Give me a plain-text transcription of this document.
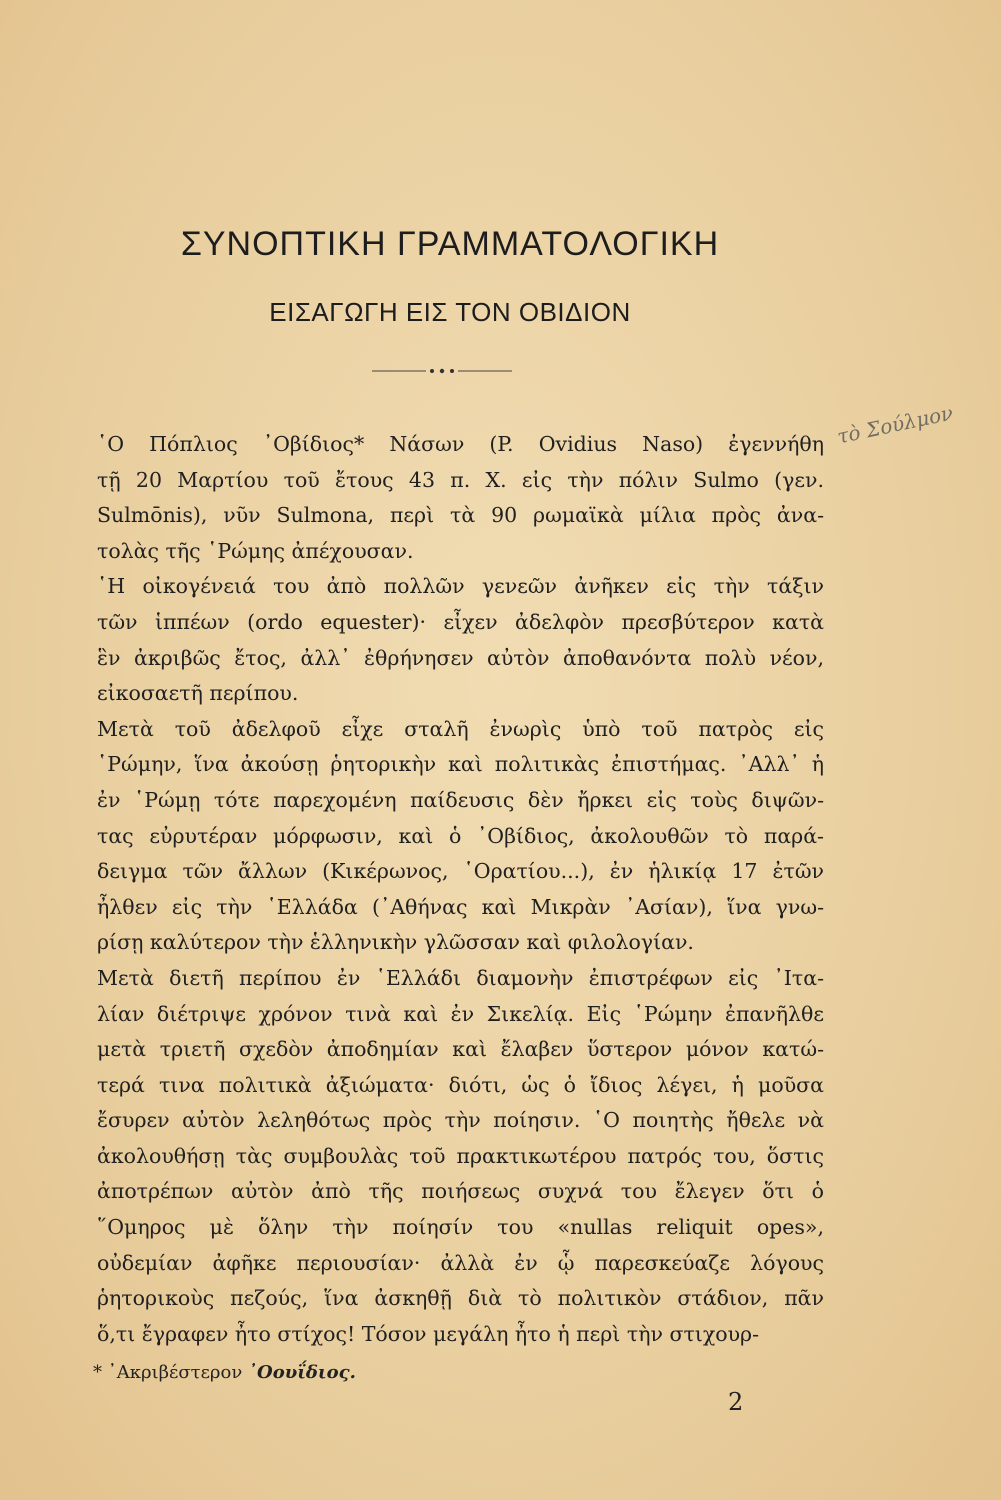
ΣΥΝΟΠΤΙΚΗ ΓΡΑΜΜΑΤΟΛΟΓΙΚΗ
ΕΙΣΑΓΩΓΗ ΕΙΣ ΤΟΝ ΟΒΙΔΙΟΝ
῾Ο Πόπλιος ᾿Οβίδιος* Νάσων (P. Ovidius Naso) ἐγεννήθη
τῇ 20 Μαρτίου τοῦ ἔτους 43 π. Χ. εἰς τὴν πόλιν Sulmo (γεν.
Sulmōnis), νῦν Sulmona, περὶ τὰ 90 ρωμαϊκὰ μίλια πρὸς ἀνα-
τολὰς τῆς ῾Ρώμης ἀπέχουσαν.
῾Η οἰκογένειά του ἀπὸ πολλῶν γενεῶν ἀνῆκεν εἰς τὴν τάξιν
τῶν ἱππέων (ordo equester)· εἶχεν ἀδελφὸν πρεσβύτερον κατὰ
ἓν ἀκριβῶς ἔτος, ἀλλ᾿ ἐθρήνησεν αὐτὸν ἀποθανόντα πολὺ νέον,
εἰκοσαετῆ περίπου.
Μετὰ τοῦ ἀδελφοῦ εἶχε σταλῆ ἐνωρὶς ὑπὸ τοῦ πατρὸς εἰς
῾Ρώμην, ἵνα ἀκούσῃ ῥητορικὴν καὶ πολιτικὰς ἐπιστήμας. ᾿Αλλ᾿ ἡ
ἐν ῾Ρώμῃ τότε παρεχομένη παίδευσις δὲν ἤρκει εἰς τοὺς διψῶν-
τας εὐρυτέραν μόρφωσιν, καὶ ὁ ᾿Οβίδιος, ἀκολουθῶν τὸ παρά-
δειγμα τῶν ἄλλων (Κικέρωνος, ῾Ορατίου...), ἐν ἡλικίᾳ 17 ἐτῶν
ἦλθεν εἰς τὴν ῾Ελλάδα (᾿Αθήνας καὶ Μικρὰν ᾿Ασίαν), ἵνα γνω-
ρίσῃ καλύτερον τὴν ἑλληνικὴν γλῶσσαν καὶ φιλολογίαν.
Μετὰ διετῆ περίπου ἐν ῾Ελλάδι διαμονὴν ἐπιστρέφων εἰς ᾿Ιτα-
λίαν διέτριψε χρόνον τινὰ καὶ ἐν Σικελίᾳ. Εἰς ῾Ρώμην ἐπανῆλθε
μετὰ τριετῆ σχεδὸν ἀποδημίαν καὶ ἔλαβεν ὕστερον μόνον κατώ-
τερά τινα πολιτικὰ ἀξιώματα· διότι, ὡς ὁ ἴδιος λέγει, ἡ μοῦσα
ἔσυρεν αὐτὸν λεληθότως πρὸς τὴν ποίησιν. ῾Ο ποιητὴς ἤθελε νὰ
ἀκολουθήσῃ τὰς συμβουλὰς τοῦ πρακτικωτέρου πατρός του, ὅστις
ἀποτρέπων αὐτὸν ἀπὸ τῆς ποιήσεως συχνά του ἔλεγεν ὅτι ὁ
῞Ομηρος μὲ ὅλην τὴν ποίησίν του «nullas reliquit opes»,
οὐδεμίαν ἀφῆκε περιουσίαν· ἀλλὰ ἐν ᾧ παρεσκεύαζε λόγους
ῥητορικοὺς πεζούς, ἵνα ἀσκηθῇ διὰ τὸ πολιτικὸν στάδιον, πᾶν
ὅ,τι ἔγραφεν ἦτο στίχος! Τόσον μεγάλη ἦτο ἡ περὶ τὴν στιχουρ-
τὸ Σούλμον
* ᾿Ακριβέστερον ᾿Οουΐδιος.
2
